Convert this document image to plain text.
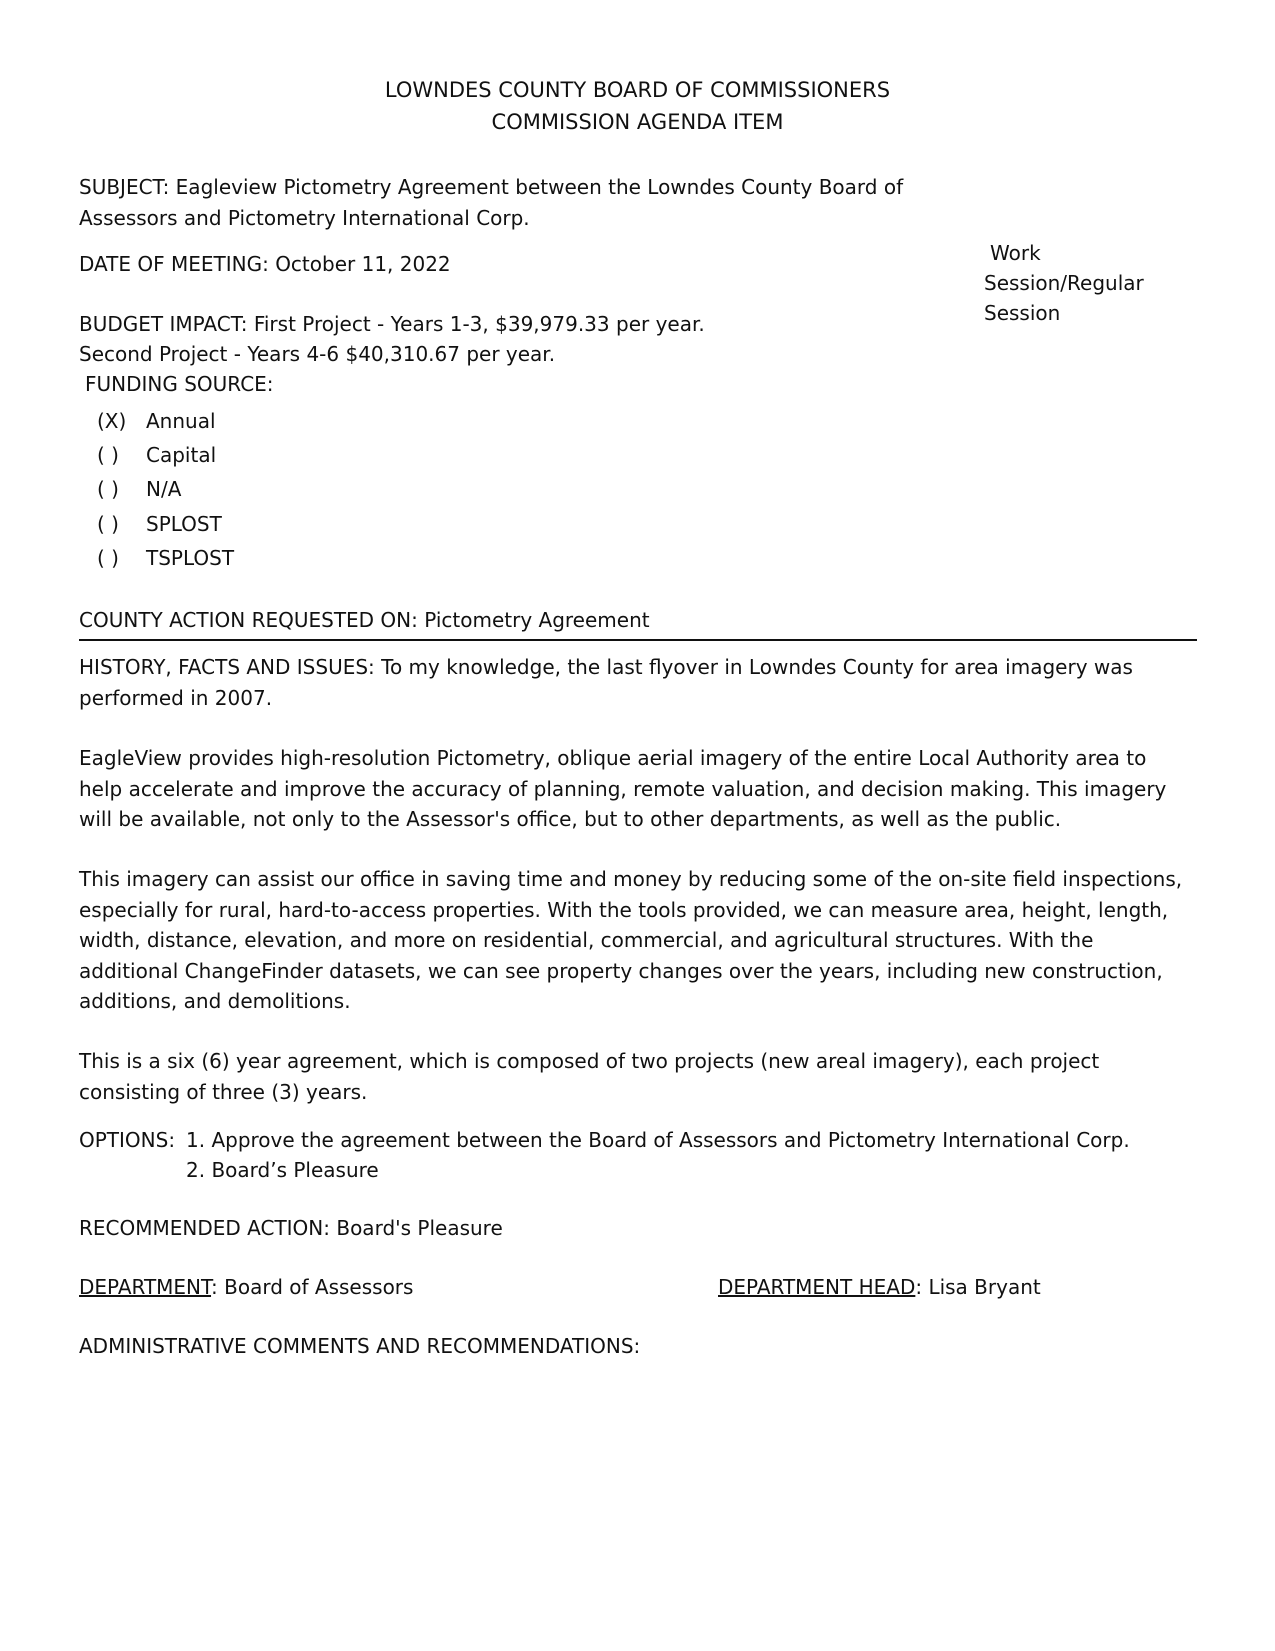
LOWNDES COUNTY BOARD OF COMMISSIONERS
COMMISSION AGENDA ITEM
SUBJECT: Eagleview Pictometry Agreement between the Lowndes County Board of
Assessors and Pictometry International Corp.
DATE OF MEETING: October 11, 2022	Work
Session/Regular
Session
BUDGET IMPACT: First Project - Years 1-3, $39,979.33 per year.
Second Project - Years 4-6 $40,310.67 per year.
FUNDING SOURCE:
(X) Annual
( ) Capital
( ) N/A
( ) SPLOST
( ) TSPLOST
COUNTY ACTION REQUESTED ON: Pictometry Agreement
HISTORY, FACTS AND ISSUES: To my knowledge, the last flyover in Lowndes County for area imagery was
performed in 2007.
EagleView provides high-resolution Pictometry, oblique aerial imagery of the entire Local Authority area to
help accelerate and improve the accuracy of planning, remote valuation, and decision making. This imagery
will be available, not only to the Assessor's office, but to other departments, as well as the public.
This imagery can assist our office in saving time and money by reducing some of the on-site field inspections,
especially for rural, hard-to-access properties. With the tools provided, we can measure area, height, length,
width, distance, elevation, and more on residential, commercial, and agricultural structures. With the
additional ChangeFinder datasets, we can see property changes over the years, including new construction,
additions, and demolitions.
This is a six (6) year agreement, which is composed of two projects (new areal imagery), each project
consisting of three (3) years.
OPTIONS: 1. Approve the agreement between the Board of Assessors and Pictometry International Corp.
2. Board’s Pleasure
RECOMMENDED ACTION: Board's Pleasure
DEPARTMENT: Board of Assessors	DEPARTMENT HEAD: Lisa Bryant
ADMINISTRATIVE COMMENTS AND RECOMMENDATIONS:
